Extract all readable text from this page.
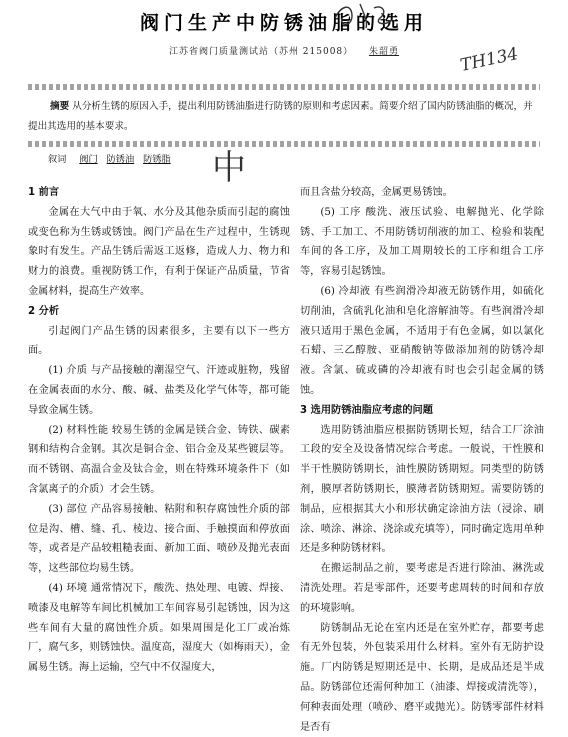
阀门生产中防锈油脂的选用
江苏省阀门质量测试站（苏州 215008） 朱韶勇	TH134
摘要 从分析生锈的原因入手，提出利用防锈油脂进行防锈的原则和考虑因素。简要介绍了国内防锈油脂的概况，并提出其选用的基本要求。
叙词 阀门 防锈油 防锈脂 中
1 前言

金属在大气中由于氧、水分及其他杂质而引起的腐蚀或变色称为生锈或锈蚀。阀门产品在生产过程中，生锈现象时有发生。产品生锈后需返工返修，造成人力、物力和财力的浪费。重视防锈工作，有利于保证产品质量，节省金属材料，提高生产效率。

2 分析

引起阀门产品生锈的因素很多，主要有以下一些方面。

(1) 介质 与产品接触的潮湿空气、汗迹或脏物，残留在金属表面的水分、酸、碱、盐类及化学气体等，都可能导致金属生锈。

(2) 材料性能 较易生锈的金属是镁合金、铸铁、碳素钢和结构合金钢。其次是铜合金、铝合金及某些镀层等。而不锈钢、高温合金及钛合金，则在特殊环境条件下（如含氯离子的介质）才会生锈。

(3) 部位 产品容易接触、粘附和积存腐蚀性介质的部位是沟、槽、缝、孔、棱边、接合面、手触摸面和停放面等，或者是产品较粗糙表面、新加工面、喷砂及抛光表面等，这些部位均易生锈。

(4) 环境 通常情况下，酸洗、热处理、电镀、焊接、喷漆及电解等车间比机械加工车间容易引起锈蚀，因为这些车间有大量的腐蚀性介质。如果周围是化工厂或冶炼厂，腐气多，则锈蚀快。温度高，湿度大（如梅雨天），金属易生锈。海上运输，空气中不仅湿度大，

而且含盐分较高，金属更易锈蚀。

(5) 工序 酸洗、液压试验、电解抛光、化学除锈、手工加工、不用防锈切削液的加工、检验和装配车间的各工序，及加工周期较长的工序和组合工序等，容易引起锈蚀。

(6) 冷却液 有些润滑冷却液无防锈作用，如硫化切削油，含硫乳化油和皂化溶解油等。有些润滑冷却液只适用于黑色金属，不适用于有色金属，如以氯化石蜡、三乙醇胺、亚硝酸钠等做添加剂的防锈冷却液。含氯、硫或磷的冷却液有时也会引起金属的锈蚀。

3 选用防锈油脂应考虑的问题

选用防锈油脂应根据防锈期长短，结合工厂涂油工段的安全及设备情况综合考虑。一般说，干性膜和半干性膜防锈期长，油性膜防锈期短。同类型的防锈剂，膜厚者防锈期长，膜薄者防锈期短。需要防锈的制品，应根据其大小和形状确定涂油方法（浸涂、刷涂、喷涂、淋涂、浇涂或充填等），同时确定选用单种还是多种防锈材料。

在搬运制品之前，要考虑是否进行除油、淋洗或清洗处理。若是零部件，还要考虑周转的时间和存放的环境影响。

防锈制品无论在室内还是在室外贮存，都要考虑有无外包装，外包装采用什么材料。室外有无防护设施。厂内防锈是短期还是中、长期，是成品还是半成品。防锈部位还需何种加工（油漆、焊接或清洗等），何种表面处理（喷砂、磨平或抛光）。防锈零部件材料是否有
